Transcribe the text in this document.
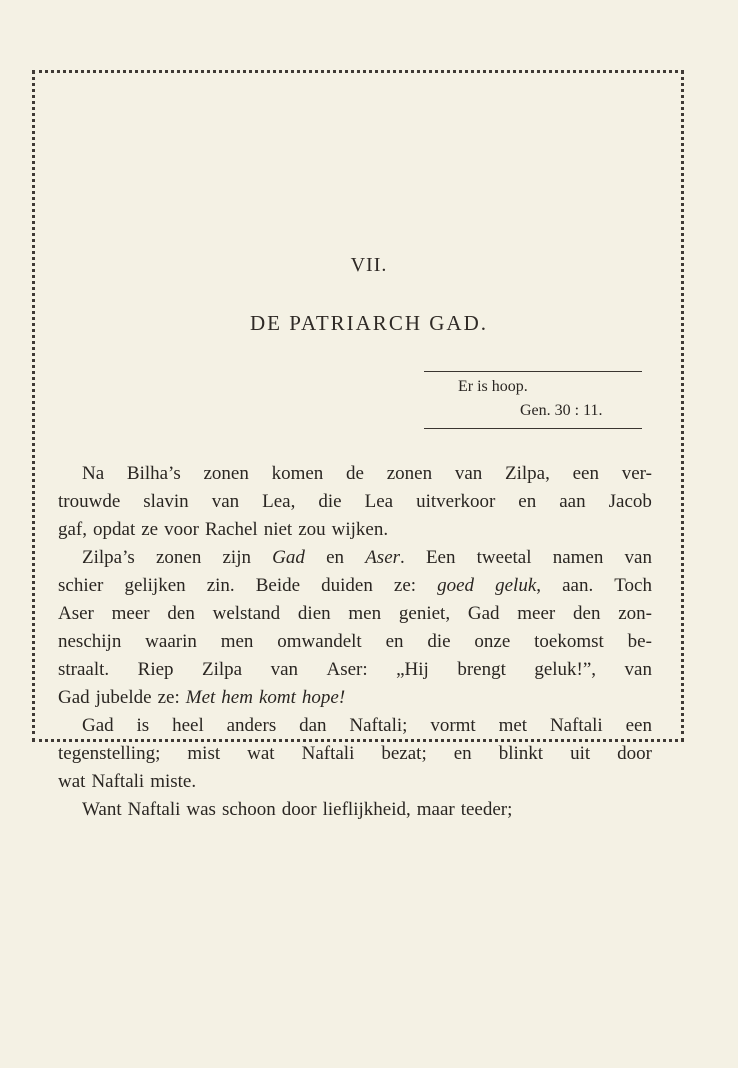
VII.
DE PATRIARCH GAD.
Er is hoop.
Gen. 30 : 11.
Na Bilha’s zonen komen de zonen van Zilpa, een ver-
trouwde slavin van Lea, die Lea uitverkoor en aan Jacob
gaf, opdat ze voor Rachel niet zou wijken.
Zilpa’s zonen zijn Gad en Aser. Een tweetal namen van
schier gelijken zin. Beide duiden ze: goed geluk, aan. Toch
Aser meer den welstand dien men geniet, Gad meer den zon-
neschijn waarin men omwandelt en die onze toekomst be-
straalt. Riep Zilpa van Aser: „Hij brengt geluk!”, van
Gad jubelde ze: Met hem komt hope!
Gad is heel anders dan Naftali; vormt met Naftali een
tegenstelling; mist wat Naftali bezat; en blinkt uit door
wat Naftali miste.
Want Naftali was schoon door lieflijkheid, maar teeder;
